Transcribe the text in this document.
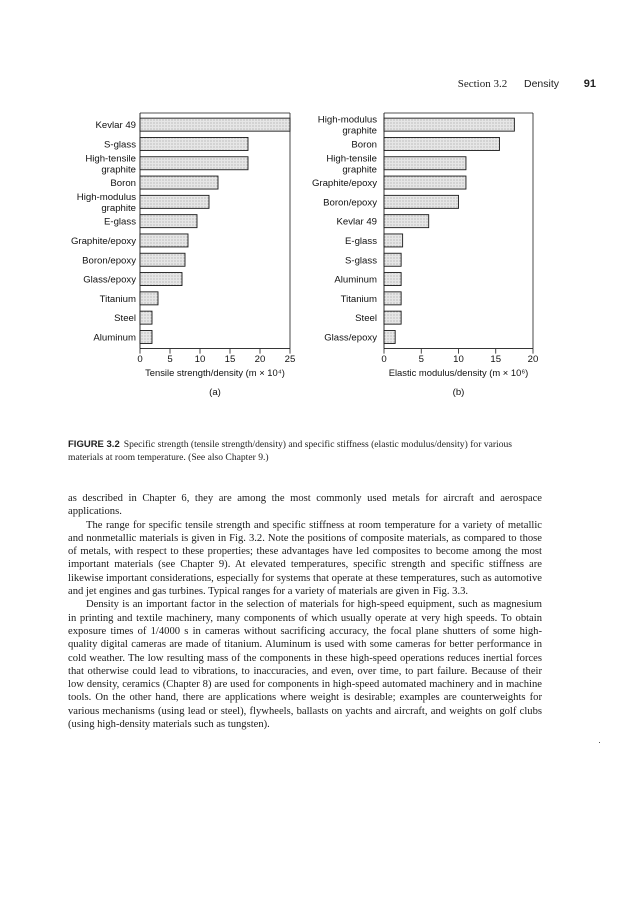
Section 3.2 Density 91
Kevlar 49
S-glass
High-tensile
graphite
Boron
High-modulus
graphite
E-glass
Graphite/epoxy
Boron/epoxy
Glass/epoxy
Titanium
Steel
Aluminum
0	5 10 15 20 25
Tensile strength/density (m × 10⁴)
(a)
High-modulus
graphite
Boron
High-tensile
graphite
Graphite/epoxy
Boron/epoxy
Kevlar 49
E-glass
S-glass
Aluminum
Titanium
Steel
Glass/epoxy
0	5	10	15	20
Elastic modulus/density (m × 10⁶)
(b)
FIGURE 3.2 Specific strength (tensile strength/density) and specific stiffness (elastic modulus/density) for various materials at room temperature. (See also Chapter 9.)

as described in Chapter 6, they are among the most commonly used metals for aircraft and aerospace applications.

The range for specific tensile strength and specific stiffness at room temperature for a variety of metallic and nonmetallic materials is given in Fig. 3.2. Note the positions of composite materials, as compared to those of metals, with respect to these properties; these advantages have led composites to become among the most important materials (see Chapter 9). At elevated temperatures, specific strength and specific stiffness are likewise important considerations, especially for systems that operate at these temperatures, such as automotive and jet engines and gas turbines. Typical ranges for a variety of materials are given in Fig. 3.3.

Density is an important factor in the selection of materials for high-speed equipment, such as magnesium in printing and textile machinery, many components of which usually operate at very high speeds. To obtain exposure times of 1/4000 s in cameras without sacrificing accuracy, the focal plane shutters of some high-quality digital cameras are made of titanium. Aluminum is used with some cameras for better performance in cold weather. The low resulting mass of the components in these high-speed operations reduces inertial forces that otherwise could lead to vibrations, to inaccuracies, and even, over time, to part failure. Because of their low density, ceramics (Chapter 8) are used for components in high-speed automated machinery and in machine tools. On the other hand, there are applications where weight is desirable; examples are counterweights for various mechanisms (using lead or steel), flywheels, ballasts on yachts and aircraft, and weights on golf clubs (using high-density materials such as tungsten).

·
